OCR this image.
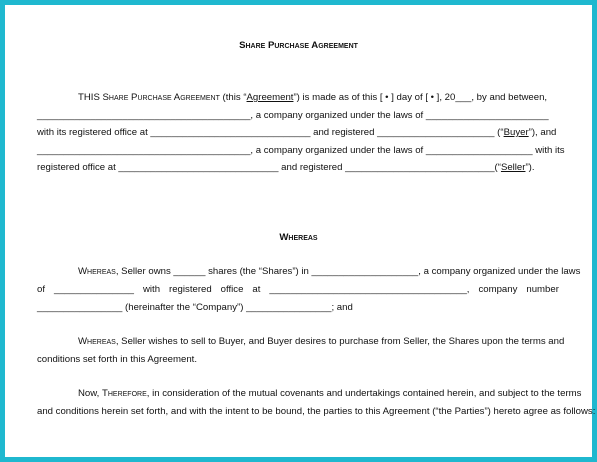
Share Purchase Agreement
THIS Share Purchase Agreement (this “Agreement”) is made as of this [ • ] day of [ • ], 20___, by and between,
________________________________________, a company organized under the laws of _______________________
with its registered office at ______________________________ and registered ______________________ (“Buyer”), and
________________________________________, a company organized under the laws of ____________________ with its
registered office at ______________________________ and registered ____________________________(“Seller”).
Whereas
Whereas, Seller owns ______ shares (the “Shares”) in ____________________, a company organized under the laws
of _______________ with registered office at _____________________________________, company number
________________ (hereinafter the “Company”) ________________; and
Whereas, Seller wishes to sell to Buyer, and Buyer desires to purchase from Seller, the Shares upon the terms and
conditions set forth in this Agreement.
Now, Therefore, in consideration of the mutual covenants and undertakings contained herein, and subject to the terms
and conditions herein set forth, and with the intent to be bound, the parties to this Agreement (“the Parties”) hereto agree as follows:
